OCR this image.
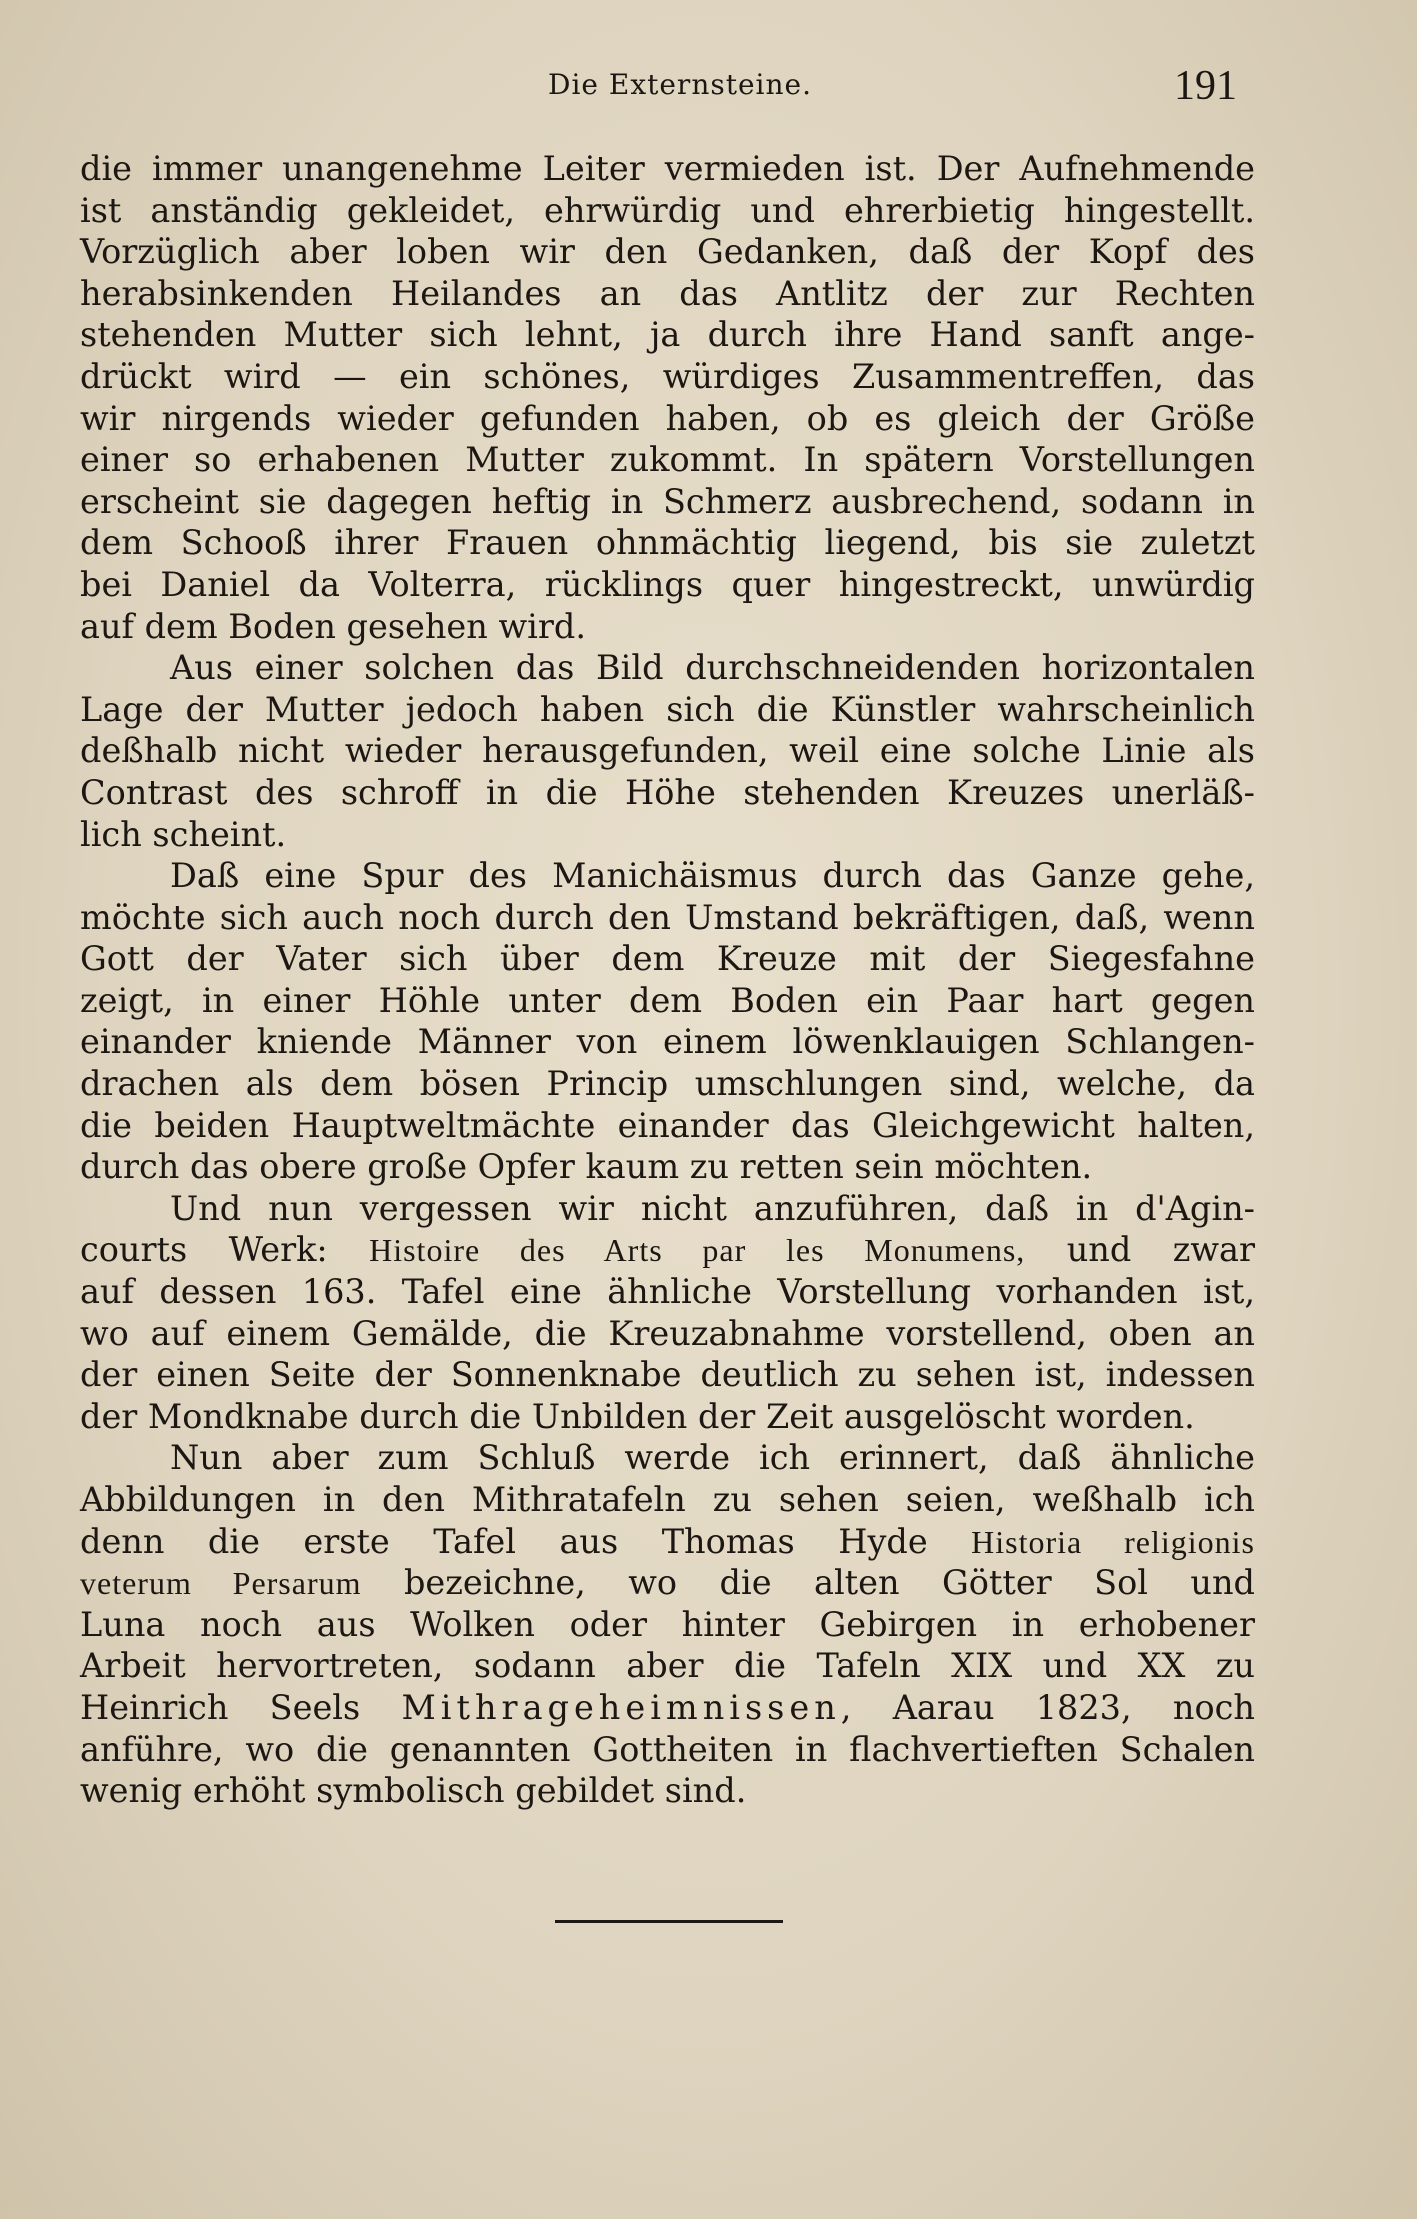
Die Externsteine.	191
die immer unangenehme Leiter vermieden ist. Der Aufnehmende
ist anständig gekleidet, ehrwürdig und ehrerbietig hingestellt.
Vorzüglich aber loben wir den Gedanken, daß der Kopf des
herabsinkenden Heilandes an das Antlitz der zur Rechten
stehenden Mutter sich lehnt, ja durch ihre Hand sanft ange-
drückt wird — ein schönes, würdiges Zusammentreffen, das
wir nirgends wieder gefunden haben, ob es gleich der Größe
einer so erhabenen Mutter zukommt. In spätern Vorstellungen
erscheint sie dagegen heftig in Schmerz ausbrechend, sodann in
dem Schooß ihrer Frauen ohnmächtig liegend, bis sie zuletzt
bei Daniel da Volterra, rücklings quer hingestreckt, unwürdig
auf dem Boden gesehen wird.
Aus einer solchen das Bild durchschneidenden horizontalen
Lage der Mutter jedoch haben sich die Künstler wahrscheinlich
deßhalb nicht wieder herausgefunden, weil eine solche Linie als
Contrast des schroff in die Höhe stehenden Kreuzes unerläß-
lich scheint.
Daß eine Spur des Manichäismus durch das Ganze gehe,
möchte sich auch noch durch den Umstand bekräftigen, daß, wenn
Gott der Vater sich über dem Kreuze mit der Siegesfahne
zeigt, in einer Höhle unter dem Boden ein Paar hart gegen
einander kniende Männer von einem löwenklauigen Schlangen-
drachen als dem bösen Princip umschlungen sind, welche, da
die beiden Hauptweltmächte einander das Gleichgewicht halten,
durch das obere große Opfer kaum zu retten sein möchten.
Und nun vergessen wir nicht anzuführen, daß in d'Agin-
courts Werk: Histoire des Arts par les Monumens, und zwar
auf dessen 163. Tafel eine ähnliche Vorstellung vorhanden ist,
wo auf einem Gemälde, die Kreuzabnahme vorstellend, oben an
der einen Seite der Sonnenknabe deutlich zu sehen ist, indessen
der Mondknabe durch die Unbilden der Zeit ausgelöscht worden.
Nun aber zum Schluß werde ich erinnert, daß ähnliche
Abbildungen in den Mithratafeln zu sehen seien, weßhalb ich
denn die erste Tafel aus Thomas Hyde Historia religionis
veterum Persarum bezeichne, wo die alten Götter Sol und
Luna noch aus Wolken oder hinter Gebirgen in erhobener
Arbeit hervortreten, sodann aber die Tafeln XIX und XX zu
Heinrich Seels Mithrageheimnissen, Aarau 1823, noch
anführe, wo die genannten Gottheiten in flachvertieften Schalen
wenig erhöht symbolisch gebildet sind.
